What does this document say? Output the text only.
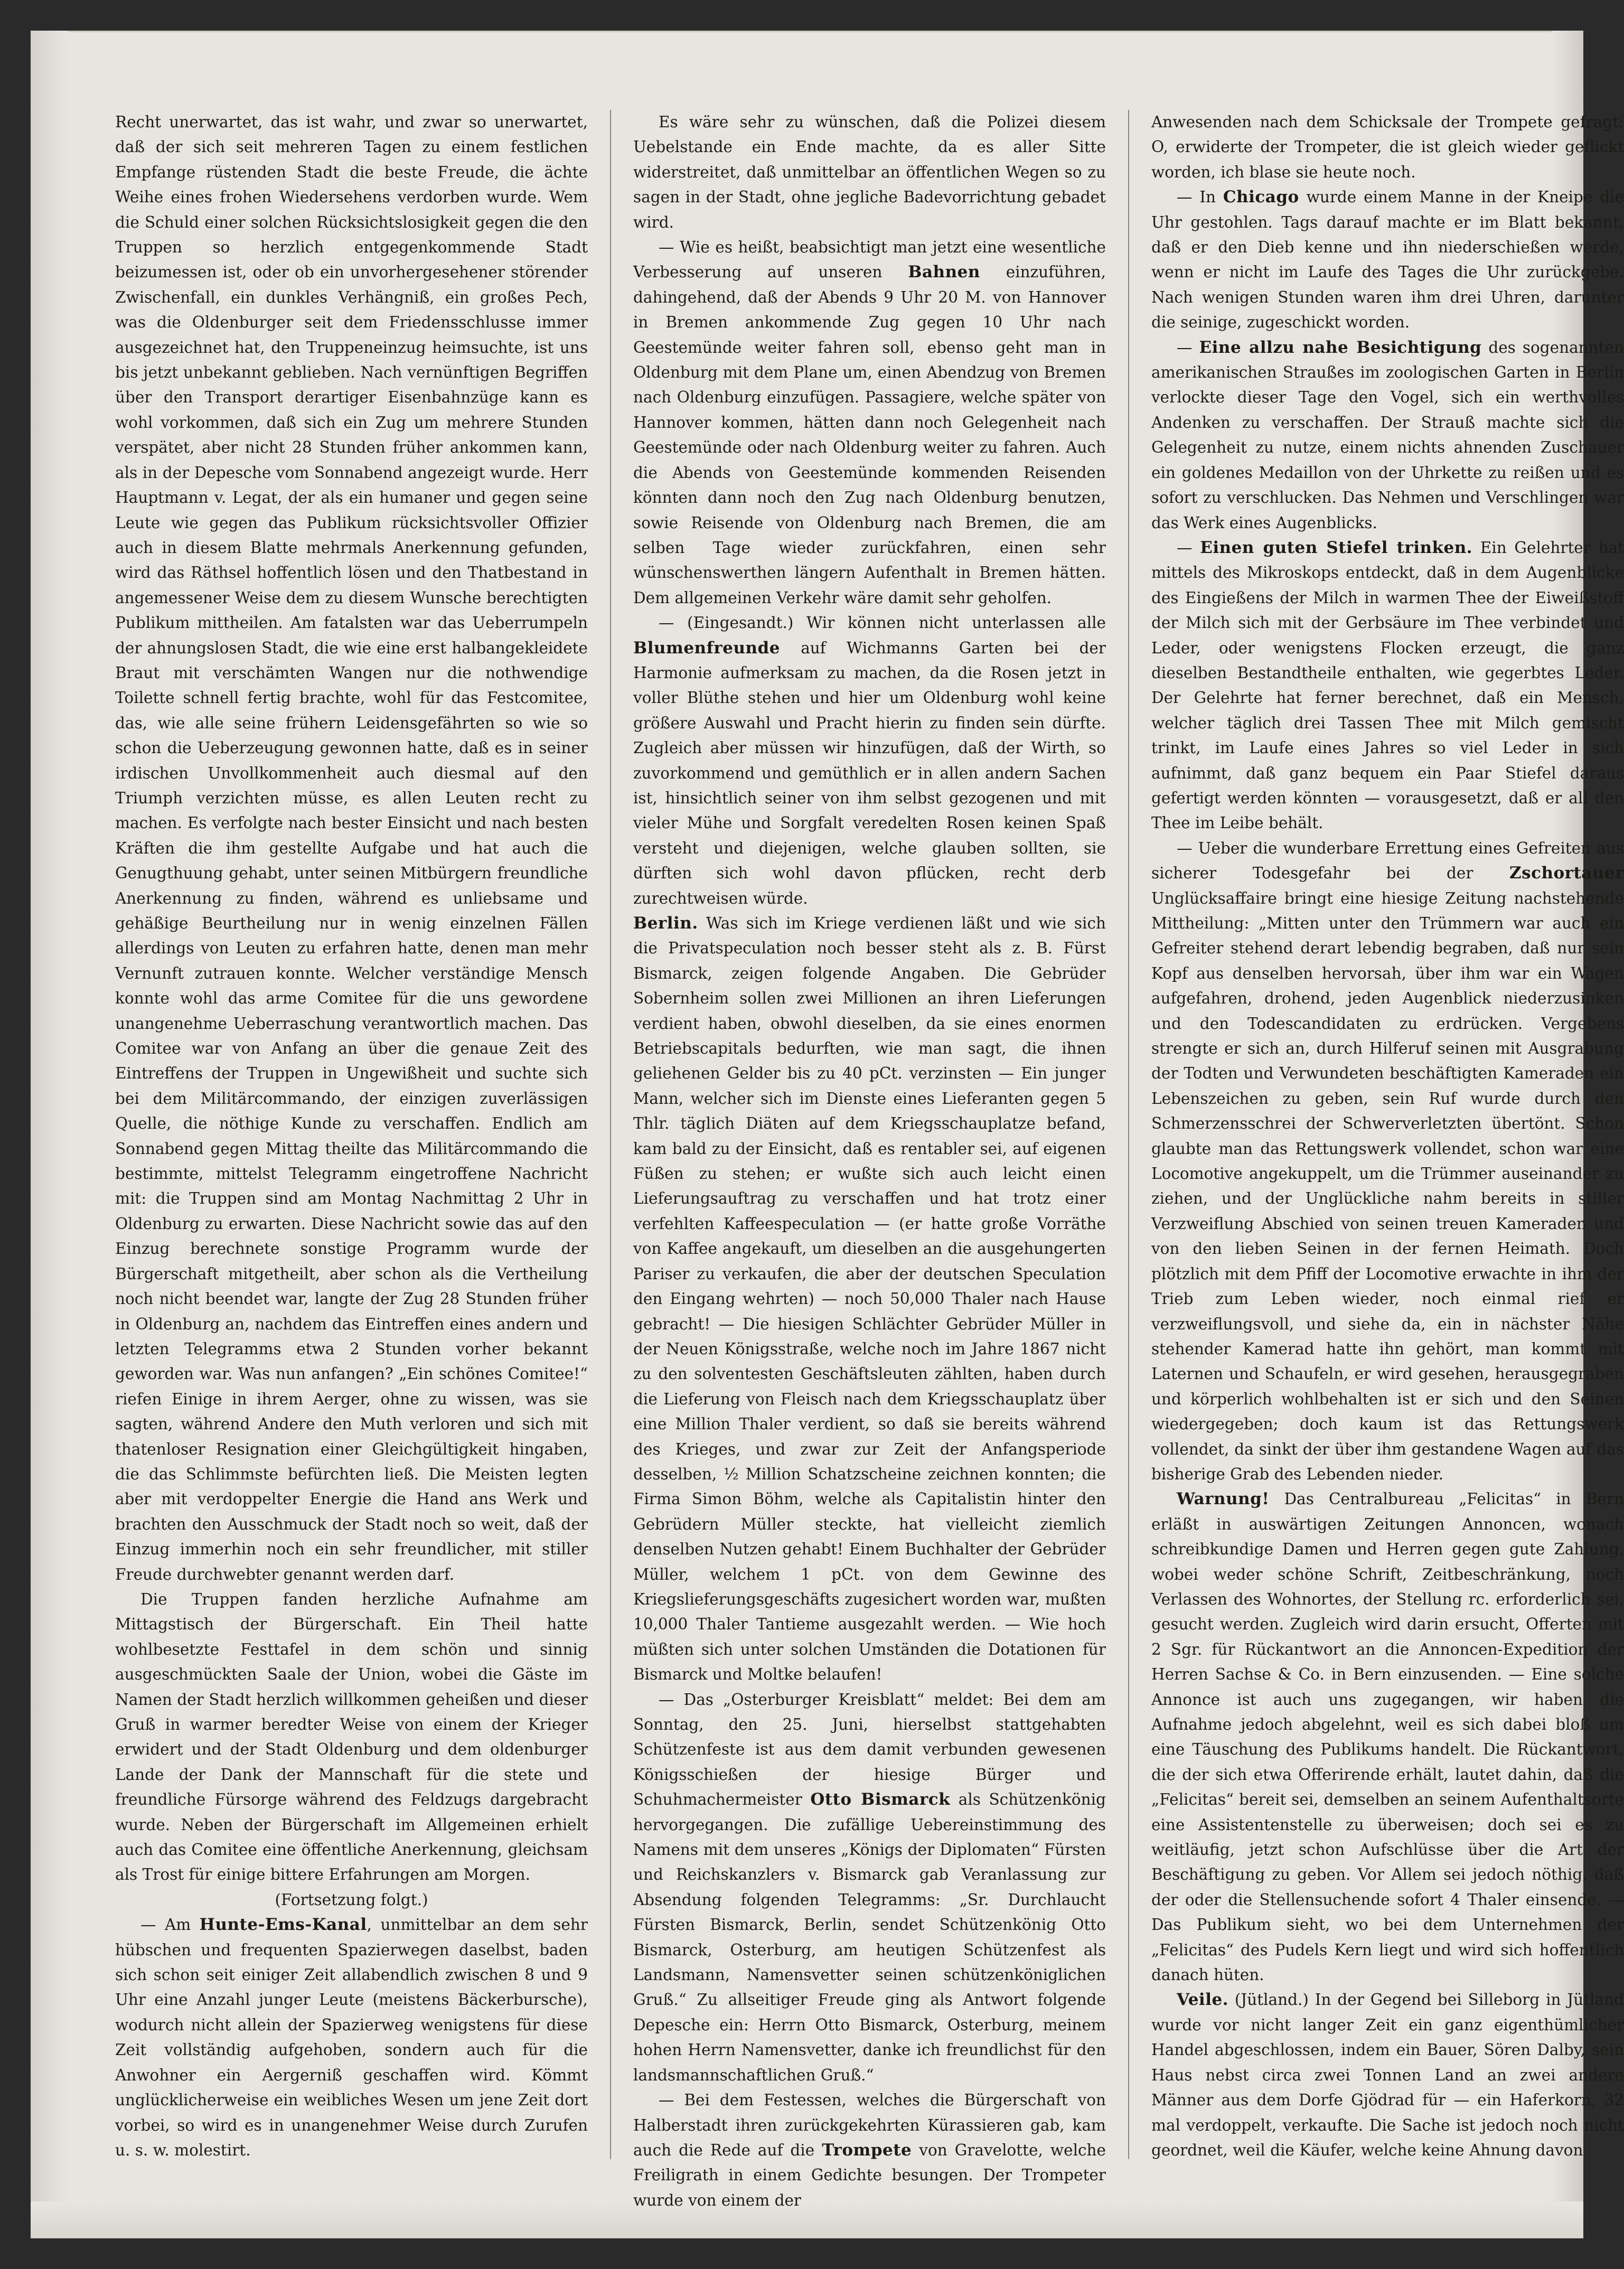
Recht unerwartet, das ist wahr, und zwar so unerwartet, daß der sich seit mehreren Tagen zu einem festlichen Empfange rüstenden Stadt die beste Freude, die ächte Weihe eines frohen Wiedersehens verdorben wurde. Wem die Schuld einer solchen Rücksichtslosigkeit gegen die den Truppen so herzlich entgegenkommende Stadt beizumessen ist, oder ob ein unvorhergesehener störender Zwischenfall, ein dunkles Verhängniß, ein großes Pech, was die Oldenburger seit dem Friedensschlusse immer ausgezeichnet hat, den Truppeneinzug heimsuchte, ist uns bis jetzt unbekannt geblieben. Nach vernünftigen Begriffen über den Transport derartiger Eisenbahnzüge kann es wohl vorkommen, daß sich ein Zug um mehrere Stunden verspätet, aber nicht 28 Stunden früher ankommen kann, als in der Depesche vom Sonnabend angezeigt wurde. Herr Hauptmann v. Legat, der als ein humaner und gegen seine Leute wie gegen das Publikum rücksichtsvoller Offizier auch in diesem Blatte mehrmals Anerkennung gefunden, wird das Räthsel hoffentlich lösen und den Thatbestand in angemessener Weise dem zu diesem Wunsche berechtigten Publikum mittheilen. Am fatalsten war das Ueberrumpeln der ahnungslosen Stadt, die wie eine erst halbangekleidete Braut mit verschämten Wangen nur die nothwendige Toilette schnell fertig brachte, wohl für das Festcomitee, das, wie alle seine frühern Leidensgefährten so wie so schon die Ueberzeugung gewonnen hatte, daß es in seiner irdischen Unvollkommenheit auch diesmal auf den Triumph verzichten müsse, es allen Leuten recht zu machen. Es verfolgte nach bester Einsicht und nach besten Kräften die ihm gestellte Aufgabe und hat auch die Genugthuung gehabt, unter seinen Mitbürgern freundliche Anerkennung zu finden, während es unliebsame und gehäßige Beurtheilung nur in wenig einzelnen Fällen allerdings von Leuten zu erfahren hatte, denen man mehr Vernunft zutrauen konnte. Welcher verständige Mensch konnte wohl das arme Comitee für die uns gewordene unangenehme Ueberraschung verantwortlich machen. Das Comitee war von Anfang an über die genaue Zeit des Eintreffens der Truppen in Ungewißheit und suchte sich bei dem Militärcommando, der einzigen zuverlässigen Quelle, die nöthige Kunde zu verschaffen. Endlich am Sonnabend gegen Mittag theilte das Militärcommando die bestimmte, mittelst Telegramm eingetroffene Nachricht mit: die Truppen sind am Montag Nachmittag 2 Uhr in Oldenburg zu erwarten. Diese Nachricht sowie das auf den Einzug berechnete sonstige Programm wurde der Bürgerschaft mitgetheilt, aber schon als die Vertheilung noch nicht beendet war, langte der Zug 28 Stunden früher in Oldenburg an, nachdem das Eintreffen eines andern und letzten Telegramms etwa 2 Stunden vorher bekannt geworden war. Was nun anfangen? „Ein schönes Comitee!“ riefen Einige in ihrem Aerger, ohne zu wissen, was sie sagten, während Andere den Muth verloren und sich mit thatenloser Resignation einer Gleichgültigkeit hingaben, die das Schlimmste befürchten ließ. Die Meisten legten aber mit verdoppelter Energie die Hand ans Werk und brachten den Ausschmuck der Stadt noch so weit, daß der Einzug immerhin noch ein sehr freundlicher, mit stiller Freude durchwebter genannt werden darf.

Die Truppen fanden herzliche Aufnahme am Mittagstisch der Bürgerschaft. Ein Theil hatte wohlbesetzte Festtafel in dem schön und sinnig ausgeschmückten Saale der Union, wobei die Gäste im Namen der Stadt herzlich willkommen geheißen und dieser Gruß in warmer beredter Weise von einem der Krieger erwidert und der Stadt Oldenburg und dem oldenburger Lande der Dank der Mannschaft für die stete und freundliche Fürsorge während des Feldzugs dargebracht wurde. Neben der Bürgerschaft im Allgemeinen erhielt auch das Comitee eine öffentliche Anerkennung, gleichsam als Trost für einige bittere Erfahrungen am Morgen.

(Fortsetzung folgt.)

— Am Hunte-Ems-Kanal, unmittelbar an dem sehr hübschen und frequenten Spazierwegen daselbst, baden sich schon seit einiger Zeit allabendlich zwischen 8 und 9 Uhr eine Anzahl junger Leute (meistens Bäckerbursche), wodurch nicht allein der Spazierweg wenigstens für diese Zeit vollständig aufgehoben, sondern auch für die Anwohner ein Aergerniß geschaffen wird. Kömmt unglücklicherweise ein weibliches Wesen um jene Zeit dort vorbei, so wird es in unangenehmer Weise durch Zurufen u. s. w. molestirt.

Es wäre sehr zu wünschen, daß die Polizei diesem Uebelstande ein Ende machte, da es aller Sitte widerstreitet, daß unmittelbar an öffentlichen Wegen so zu sagen in der Stadt, ohne jegliche Badevorrichtung gebadet wird.

— Wie es heißt, beabsichtigt man jetzt eine wesentliche Verbesserung auf unseren Bahnen einzuführen, dahingehend, daß der Abends 9 Uhr 20 M. von Hannover in Bremen ankommende Zug gegen 10 Uhr nach Geestemünde weiter fahren soll, ebenso geht man in Oldenburg mit dem Plane um, einen Abendzug von Bremen nach Oldenburg einzufügen. Passagiere, welche später von Hannover kommen, hätten dann noch Gelegenheit nach Geestemünde oder nach Oldenburg weiter zu fahren. Auch die Abends von Geestemünde kommenden Reisenden könnten dann noch den Zug nach Oldenburg benutzen, sowie Reisende von Oldenburg nach Bremen, die am selben Tage wieder zurückfahren, einen sehr wünschenswerthen längern Aufenthalt in Bremen hätten. Dem allgemeinen Verkehr wäre damit sehr geholfen.

— (Eingesandt.) Wir können nicht unterlassen alle Blumenfreunde auf Wichmanns Garten bei der Harmonie aufmerksam zu machen, da die Rosen jetzt in voller Blüthe stehen und hier um Oldenburg wohl keine größere Auswahl und Pracht hierin zu finden sein dürfte. Zugleich aber müssen wir hinzufügen, daß der Wirth, so zuvorkommend und gemüthlich er in allen andern Sachen ist, hinsichtlich seiner von ihm selbst gezogenen und mit vieler Mühe und Sorgfalt veredelten Rosen keinen Spaß versteht und diejenigen, welche glauben sollten, sie dürften sich wohl davon pflücken, recht derb zurechtweisen würde.

Berlin. Was sich im Kriege verdienen läßt und wie sich die Privatspeculation noch besser steht als z. B. Fürst Bismarck, zeigen folgende Angaben. Die Gebrüder Sobernheim sollen zwei Millionen an ihren Lieferungen verdient haben, obwohl dieselben, da sie eines enormen Betriebscapitals bedurften, wie man sagt, die ihnen geliehenen Gelder bis zu 40 pCt. verzinsten — Ein junger Mann, welcher sich im Dienste eines Lieferanten gegen 5 Thlr. täglich Diäten auf dem Kriegsschauplatze befand, kam bald zu der Einsicht, daß es rentabler sei, auf eigenen Füßen zu stehen; er wußte sich auch leicht einen Lieferungsauftrag zu verschaffen und hat trotz einer verfehlten Kaffeespeculation — (er hatte große Vorräthe von Kaffee angekauft, um dieselben an die ausgehungerten Pariser zu verkaufen, die aber der deutschen Speculation den Eingang wehrten) — noch 50,000 Thaler nach Hause gebracht! — Die hiesigen Schlächter Gebrüder Müller in der Neuen Königsstraße, welche noch im Jahre 1867 nicht zu den solventesten Geschäftsleuten zählten, haben durch die Lieferung von Fleisch nach dem Kriegsschauplatz über eine Million Thaler verdient, so daß sie bereits während des Krieges, und zwar zur Zeit der Anfangsperiode desselben, ½ Million Schatzscheine zeichnen konnten; die Firma Simon Böhm, welche als Capitalistin hinter den Gebrüdern Müller steckte, hat vielleicht ziemlich denselben Nutzen gehabt! Einem Buchhalter der Gebrüder Müller, welchem 1 pCt. von dem Gewinne des Kriegslieferungsgeschäfts zugesichert worden war, mußten 10,000 Thaler Tantieme ausgezahlt werden. — Wie hoch müßten sich unter solchen Umständen die Dotationen für Bismarck und Moltke belaufen!

— Das „Osterburger Kreisblatt“ meldet: Bei dem am Sonntag, den 25. Juni, hierselbst stattgehabten Schützenfeste ist aus dem damit verbunden gewesenen Königsschießen der hiesige Bürger und Schuhmachermeister Otto Bismarck als Schützenkönig hervorgegangen. Die zufällige Uebereinstimmung des Namens mit dem unseres „Königs der Diplomaten“ Fürsten und Reichskanzlers v. Bismarck gab Veranlassung zur Absendung folgenden Telegramms: „Sr. Durchlaucht Fürsten Bismarck, Berlin, sendet Schützenkönig Otto Bismarck, Osterburg, am heutigen Schützenfest als Landsmann, Namensvetter seinen schützenköniglichen Gruß.“ Zu allseitiger Freude ging als Antwort folgende Depesche ein: Herrn Otto Bismarck, Osterburg, meinem hohen Herrn Namensvetter, danke ich freundlichst für den landsmannschaftlichen Gruß.“

— Bei dem Festessen, welches die Bürgerschaft von Halberstadt ihren zurückgekehrten Kürassieren gab, kam auch die Rede auf die Trompete von Gravelotte, welche Freiligrath in einem Gedichte besungen. Der Trompeter wurde von einem der

Anwesenden nach dem Schicksale der Trompete gefragt: O, erwiderte der Trompeter, die ist gleich wieder geflickt worden, ich blase sie heute noch.

— In Chicago wurde einem Manne in der Kneipe die Uhr gestohlen. Tags darauf machte er im Blatt bekannt, daß er den Dieb kenne und ihn niederschießen werde, wenn er nicht im Laufe des Tages die Uhr zurückgebe. Nach wenigen Stunden waren ihm drei Uhren, darunter die seinige, zugeschickt worden.

— Eine allzu nahe Besichtigung des sogenannten amerikanischen Straußes im zoologischen Garten in Berlin verlockte dieser Tage den Vogel, sich ein werthvolles Andenken zu verschaffen. Der Strauß machte sich die Gelegenheit zu nutze, einem nichts ahnenden Zuschauer ein goldenes Medaillon von der Uhrkette zu reißen und es sofort zu verschlucken. Das Nehmen und Verschlingen war das Werk eines Augenblicks.

— Einen guten Stiefel trinken. Ein Gelehrter hat mittels des Mikroskops entdeckt, daß in dem Augenblicke des Eingießens der Milch in warmen Thee der Eiweißstoff der Milch sich mit der Gerbsäure im Thee verbindet und Leder, oder wenigstens Flocken erzeugt, die ganz dieselben Bestandtheile enthalten, wie gegerbtes Leder. Der Gelehrte hat ferner berechnet, daß ein Mensch, welcher täglich drei Tassen Thee mit Milch gemischt trinkt, im Laufe eines Jahres so viel Leder in sich aufnimmt, daß ganz bequem ein Paar Stiefel daraus gefertigt werden könnten — vorausgesetzt, daß er all den Thee im Leibe behält.

— Ueber die wunderbare Errettung eines Gefreiten aus sicherer Todesgefahr bei der Zschortauer Unglücksaffaire bringt eine hiesige Zeitung nachstehende Mittheilung: „Mitten unter den Trümmern war auch ein Gefreiter stehend derart lebendig begraben, daß nur sein Kopf aus denselben hervorsah, über ihm war ein Wagen aufgefahren, drohend, jeden Augenblick niederzusinken und den Todescandidaten zu erdrücken. Vergebens strengte er sich an, durch Hilferuf seinen mit Ausgrabung der Todten und Verwundeten beschäftigten Kameraden ein Lebenszeichen zu geben, sein Ruf wurde durch den Schmerzensschrei der Schwerverletzten übertönt. Schon glaubte man das Rettungswerk vollendet, schon war eine Locomotive angekuppelt, um die Trümmer auseinander zu ziehen, und der Unglückliche nahm bereits in stiller Verzweiflung Abschied von seinen treuen Kameraden und von den lieben Seinen in der fernen Heimath. Doch plötzlich mit dem Pfiff der Locomotive erwachte in ihm der Trieb zum Leben wieder, noch einmal rief er verzweiflungsvoll, und siehe da, ein in nächster Nähe stehender Kamerad hatte ihn gehört, man kommt mit Laternen und Schaufeln, er wird gesehen, herausgegraben und körperlich wohlbehalten ist er sich und den Seinen wiedergegeben; doch kaum ist das Rettungswerk vollendet, da sinkt der über ihm gestandene Wagen auf das bisherige Grab des Lebenden nieder.

Warnung! Das Centralbureau „Felicitas“ in Bern erläßt in auswärtigen Zeitungen Annoncen, wonach schreibkundige Damen und Herren gegen gute Zahlung, wobei weder schöne Schrift, Zeitbeschränkung, noch Verlassen des Wohnortes, der Stellung rc. erforderlich sei, gesucht werden. Zugleich wird darin ersucht, Offerten mit 2 Sgr. für Rückantwort an die Annoncen-Expedition der Herren Sachse & Co. in Bern einzusenden. — Eine solche Annonce ist auch uns zugegangen, wir haben die Aufnahme jedoch abgelehnt, weil es sich dabei bloß um eine Täuschung des Publikums handelt. Die Rückantwort, die der sich etwa Offerirende erhält, lautet dahin, daß die „Felicitas“ bereit sei, demselben an seinem Aufenthaltsorte eine Assistentenstelle zu überweisen; doch sei es zu weitläufig, jetzt schon Aufschlüsse über die Art der Beschäftigung zu geben. Vor Allem sei jedoch nöthig, daß der oder die Stellensuchende sofort 4 Thaler einsende. — Das Publikum sieht, wo bei dem Unternehmen der „Felicitas“ des Pudels Kern liegt und wird sich hoffentlich danach hüten.

Veile. (Jütland.) In der Gegend bei Silleborg in Jütland wurde vor nicht langer Zeit ein ganz eigenthümlicher Handel abgeschlossen, indem ein Bauer, Sören Dalby, sein Haus nebst circa zwei Tonnen Land an zwei andere Männer aus dem Dorfe Gjödrad für — ein Haferkorn, 32 mal verdoppelt, verkaufte. Die Sache ist jedoch noch nicht geordnet, weil die Käufer, welche keine Ahnung davon
